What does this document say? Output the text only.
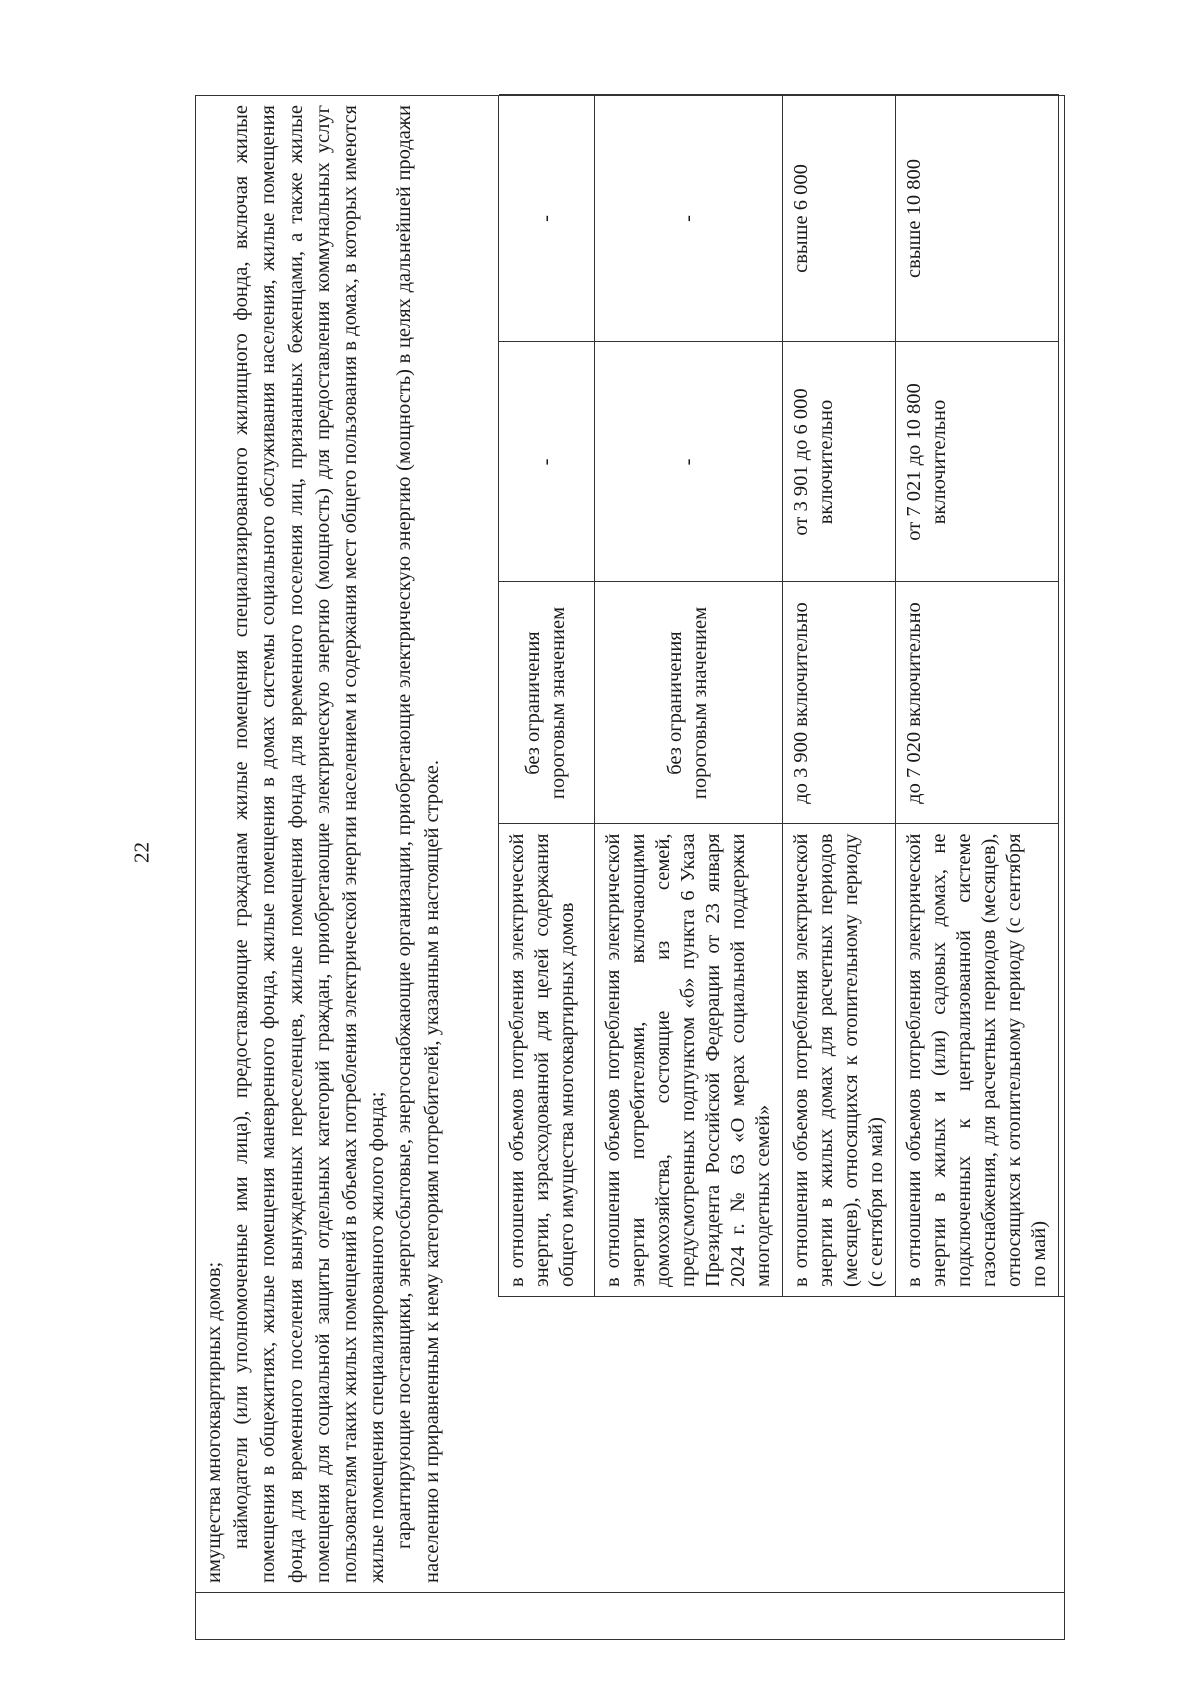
22

имущества многоквартирных домов; наймодатели (или уполномоченные ими лица), предоставляющие гражданам жилые помещения специализированного жилищного фонда, включая жилые помещения в общежитиях, жилые помещения маневренного фонда, жилые помещения в домах системы социального обслуживания населения, жилые помещения фонда для временного поселения вынужденных переселенцев, жилые помещения фонда для временного поселения лиц, признанных беженцами, а также жилые помещения для социальной защиты отдельных категорий граждан, приобретающие электрическую энергию (мощность) для предоставления коммунальных услуг пользователям таких жилых помещений в объемах потребления электрической энергии населением и содержания мест общего пользования в домах, в которых имеются жилые помещения специализированного жилого фонда; гарантирующие поставщики, энергосбытовые, энергоснабжающие организации, приобретающие электрическую энергию (мощность) в целях дальнейшей продажи населению и приравненным к нему категориям потребителей, указанным в настоящей строке.	в отношении объемов потребления электрической энергии, израсходованной для целей содержания общего имущества многоквартирных домов	без ограничения пороговым значением	-	-
в отношении объемов потребления электрической энергии потребителями, включающими домохозяйства, состоящие из семей, предусмотренных подпунктом «б» пункта 6 Указа Президента Российской Федерации от 23 января 2024 г. № 63 «О мерах социальной поддержки многодетных семей»	без ограничения пороговым значением	-	-
в отношении объемов потребления электрической энергии в жилых домах для расчетных периодов (месяцев), относящихся к отопительному периоду (с сентября по май)	до 3 900 включительно	от 3 901 до 6 000 включительно	свыше 6 000
в отношении объемов потребления электрической энергии в жилых и (или) садовых домах, не подключенных к централизованной системе газоснабжения, для расчетных периодов (месяцев), относящихся к отопительному периоду (с сентября по май)	до 7 020 включительно	от 7 021 до 10 800 включительно	свыше 10 800
